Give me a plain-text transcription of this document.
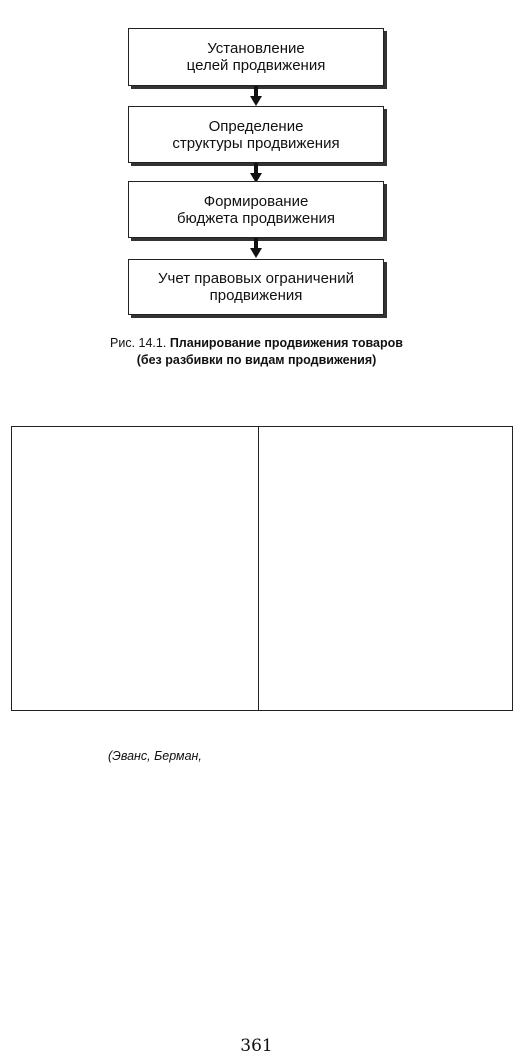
Установление
целей продвижения
Определение
структуры продвижения
Формирование
бюджета продвижения
Учет правовых ограничений
продвижения
Рис. 14.1. Планирование продвижения товаров
(без разбивки по видам продвижения)
(Эванс, Берман,
361
